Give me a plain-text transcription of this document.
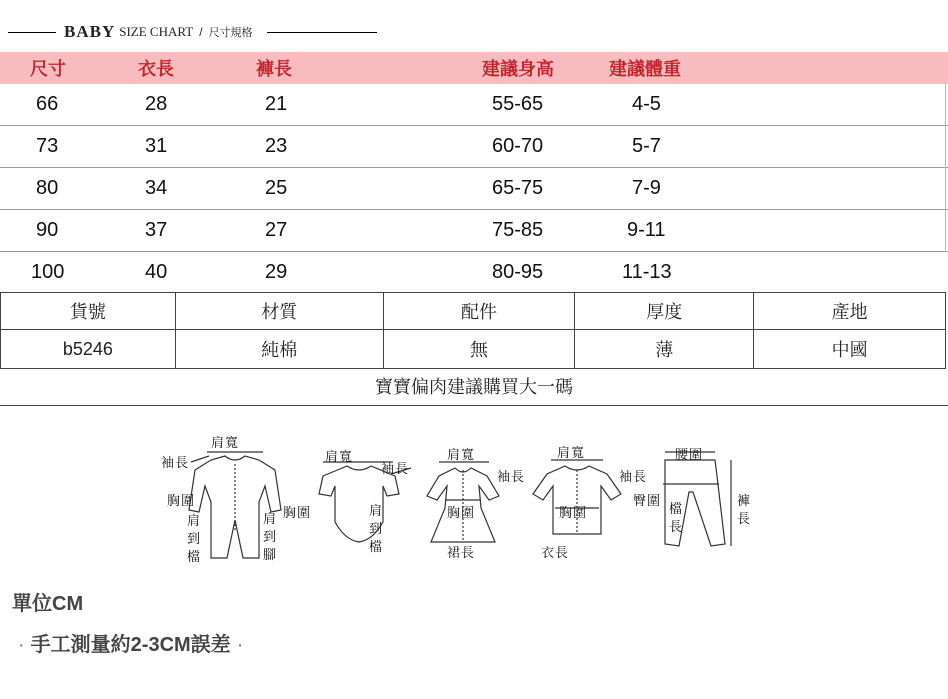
BABY SIZE CHART / 尺寸規格
尺寸	衣長	褲長	建議身高	建議體重
66	28	21	55-65	4-5
73	31	23	60-70	5-7
80	34	25	65-75	7-9
90	37	27	75-85	9-11
100	40	29	80-95	11-13
貨號	材質	配件	厚度	產地
b5246	純棉	無	薄	中國
寶寶偏肉建議購買大一碼
肩寬
袖長
胸圍
肩到檔
肩到腳
肩寬
袖長
胸圍	肩到檔
肩寬
袖長
胸圍
裙長
肩寬
袖長
胸圍
衣長
腰圍
臀圍
檔長
褲長
單位CM
· 手工測量約2-3CM誤差 ·
